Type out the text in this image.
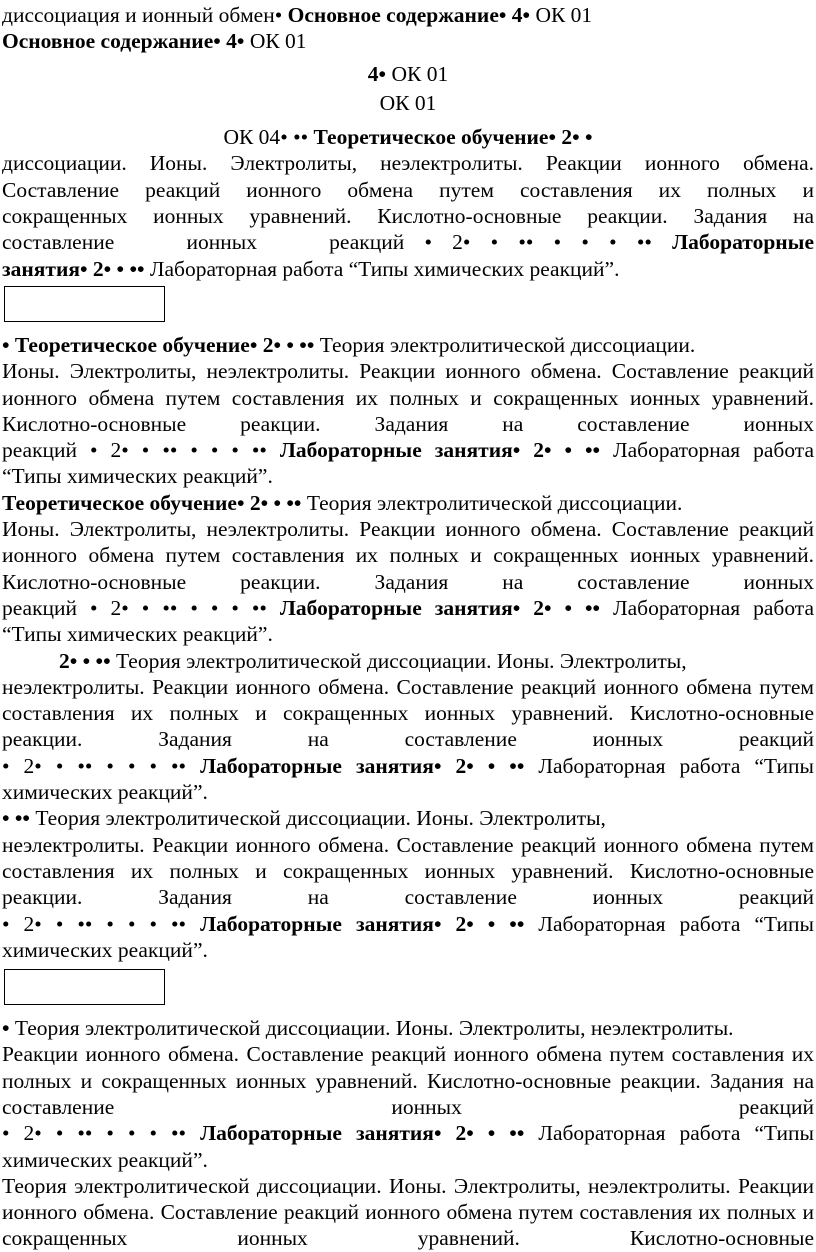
диссоциация и ионный обмен• Основное содержание• 4• ОК 01

Основное содержание• 4• ОК 01

4• ОК 01

ОК 01

ОК 04• •• Теоретическое обучение• 2• •

диссоциации. Ионы. Электролиты, неэлектролиты. Реакции ионного обмена.

Составление реакций ионного обмена путем составления их полных и

сокращенных ионных уравнений. Кислотно-основные реакции. Задания на

составление ионных реакций • 2• • •• • • • •• Лабораторные

занятия• 2• • •• Лабораторная работа “Типы химических реакций”.

• Теоретическое обучение• 2• • •• Теория электролитической диссоциации.

Ионы. Электролиты, неэлектролиты. Реакции ионного обмена. Составление реакций ионного обмена путем составления их полных и сокращенных ионных уравнений. Кислотно-основные реакции. Задания на составление ионных

реакций • 2• • •• • • • •• Лабораторные занятия• 2• • •• Лабораторная работа

“Типы химических реакций”.

Теоретическое обучение• 2• • •• Теория электролитической диссоциации.

Ионы. Электролиты, неэлектролиты. Реакции ионного обмена. Составление реакций ионного обмена путем составления их полных и сокращенных ионных уравнений. Кислотно-основные реакции. Задания на составление ионных

реакций • 2• • •• • • • •• Лабораторные занятия• 2• • •• Лабораторная работа

“Типы химических реакций”.

2• • •• Теория электролитической диссоциации. Ионы. Электролиты,

неэлектролиты. Реакции ионного обмена. Составление реакций ионного обмена путем составления их полных и сокращенных ионных уравнений. Кислотно-основные реакции. Задания на составление ионных реакций

• 2• • •• • • • •• Лабораторные занятия• 2• • •• Лабораторная работа “Типы

химических реакций”.

• •• Теория электролитической диссоциации. Ионы. Электролиты,

неэлектролиты. Реакции ионного обмена. Составление реакций ионного обмена путем составления их полных и сокращенных ионных уравнений. Кислотно-основные реакции. Задания на составление ионных реакций

• 2• • •• • • • •• Лабораторные занятия• 2• • •• Лабораторная работа “Типы

химических реакций”.

• Теория электролитической диссоциации. Ионы. Электролиты, неэлектролиты.

Реакции ионного обмена. Составление реакций ионного обмена путем составления их полных и сокращенных ионных уравнений. Кислотно-основные реакции. Задания на составление ионных реакций

• 2• • •• • • • •• Лабораторные занятия• 2• • •• Лабораторная работа “Типы

химических реакций”.

Теория электролитической диссоциации. Ионы. Электролиты, неэлектролиты. Реакции ионного обмена. Составление реакций ионного обмена путем составления их полных и сокращенных ионных уравнений. Кислотно-основные
